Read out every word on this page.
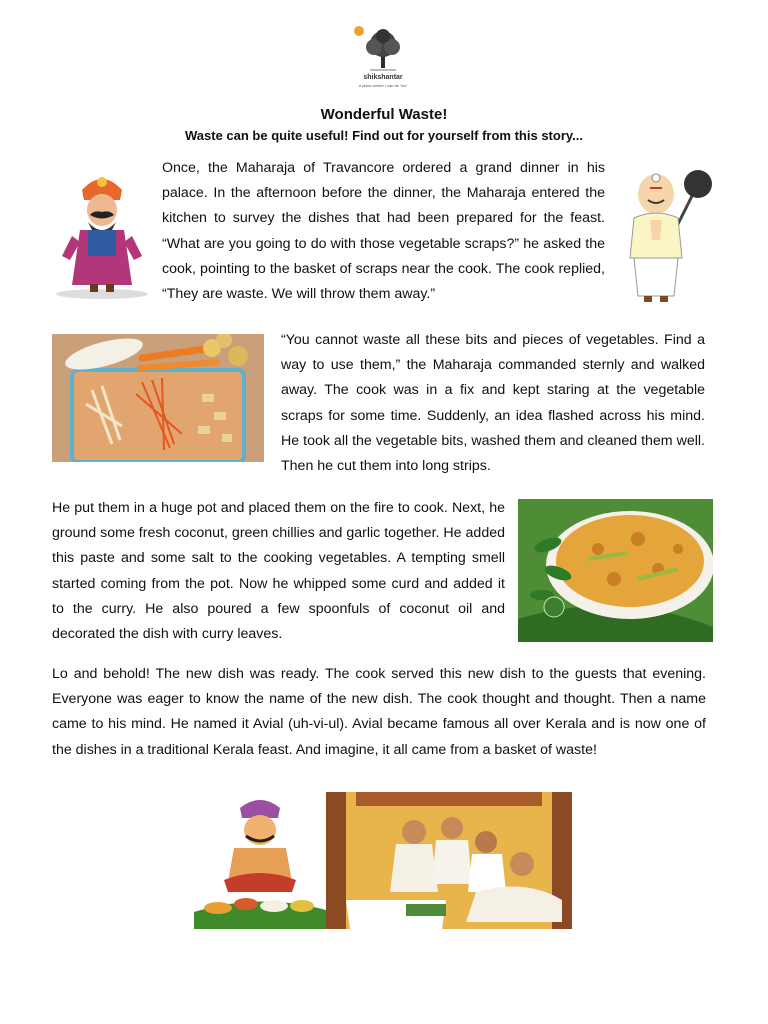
shikshantar
a place where I can be 'me'
Wonderful Waste!
Waste can be quite useful! Find out for yourself from this story...

Once, the Maharaja of Travancore ordered a grand dinner in his palace. In the afternoon before the dinner, the Maharaja entered the kitchen to survey the dishes that had been prepared for the feast. “What are you going to do with those vegetable scraps?” he asked the cook, pointing to the basket of scraps near the cook. The cook replied, “They are waste. We will throw them away.”

“You cannot waste all these bits and pieces of vegetables. Find a way to use them,” the Maharaja commanded sternly and walked away. The cook was in a fix and kept staring at the vegetable scraps for some time. Suddenly, an idea flashed across his mind. He took all the vegetable bits, washed them and cleaned them well. Then he cut them into long strips.

He put them in a huge pot and placed them on the fire to cook. Next, he ground some fresh coconut, green chillies and garlic together. He added this paste and some salt to the cooking vegetables. A tempting smell started coming from the pot. Now he whipped some curd and added it to the curry. He also poured a few spoonfuls of coconut oil and decorated the dish with curry leaves.

Lo and behold! The new dish was ready. The cook served this new dish to the guests that evening. Everyone was eager to know the name of the new dish. The cook thought and thought. Then a name came to his mind. He named it Avial (uh-vi-ul). Avial became famous all over Kerala and is now one of the dishes in a traditional Kerala feast. And imagine, it all came from a basket of waste!
